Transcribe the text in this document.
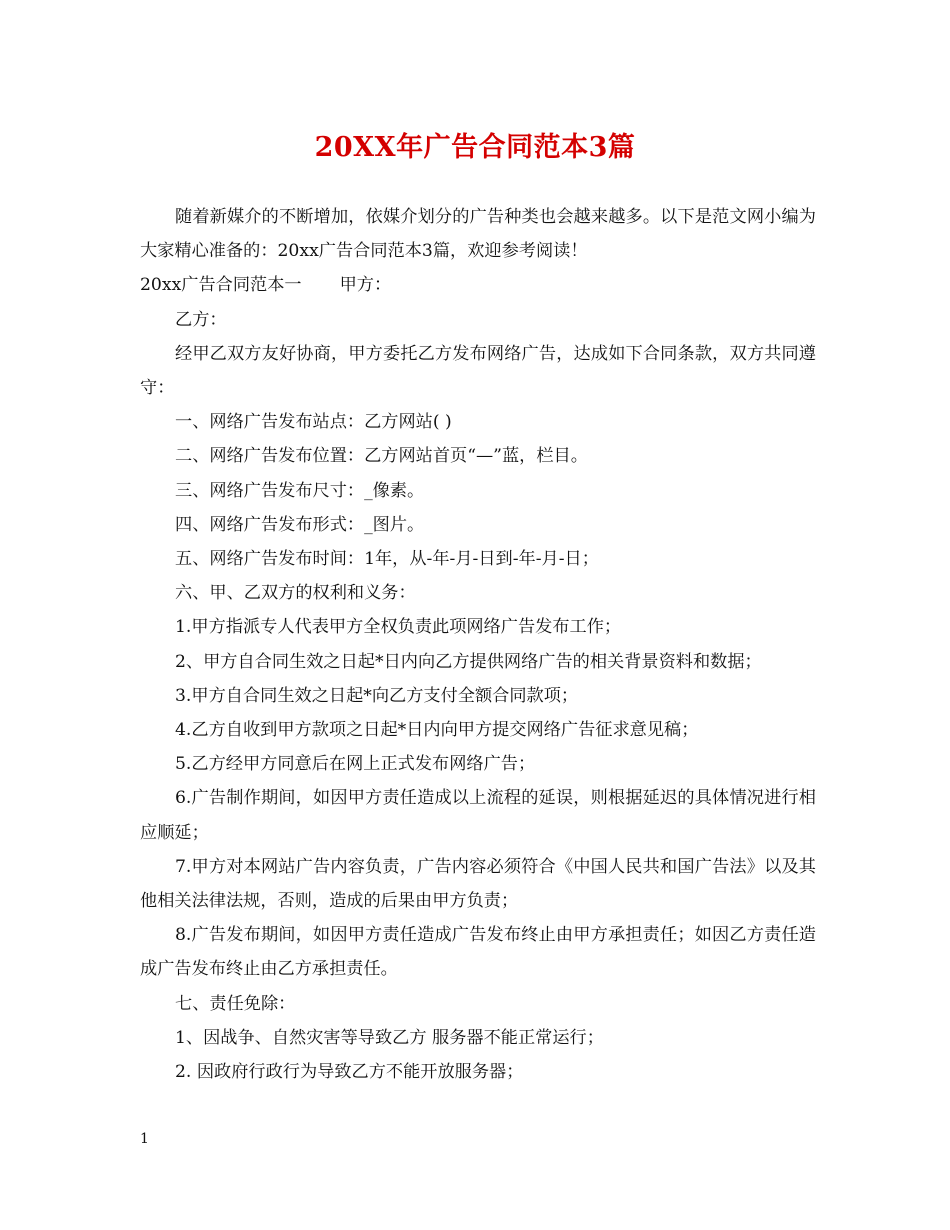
20XX年广告合同范本3篇

随着新媒介的不断增加，依媒介划分的广告种类也会越来越多。以下是范文网小编为大家精心准备的：20xx广告合同范本3篇，欢迎参考阅读！

20xx广告合同范本一 甲方：

乙方：

经甲乙双方友好协商，甲方委托乙方发布网络广告，达成如下合同条款，双方共同遵守：

一、网络广告发布站点：乙方网站( )

二、网络广告发布位置：乙方网站首页“—”蓝，栏目。

三、网络广告发布尺寸：_像素。

四、网络广告发布形式：_图片。

五、网络广告发布时间：1年，从-年-月-日到-年-月-日；

六、甲、乙双方的权利和义务：

1.甲方指派专人代表甲方全权负责此项网络广告发布工作；

2、甲方自合同生效之日起*日内向乙方提供网络广告的相关背景资料和数据；

3.甲方自合同生效之日起*向乙方支付全额合同款项；

4.乙方自收到甲方款项之日起*日内向甲方提交网络广告征求意见稿；

5.乙方经甲方同意后在网上正式发布网络广告；

6.广告制作期间，如因甲方责任造成以上流程的延误，则根据延迟的具体情况进行相应顺延；

7.甲方对本网站广告内容负责，广告内容必须符合《中国人民共和国广告法》以及其他相关法律法规，否则，造成的后果由甲方负责；

8.广告发布期间，如因甲方责任造成广告发布终止由甲方承担责任；如因乙方责任造成广告发布终止由乙方承担责任。

七、责任免除：

1、因战争、自然灾害等导致乙方 服务器不能正常运行；

2. 因政府行政行为导致乙方不能开放服务器；

1
